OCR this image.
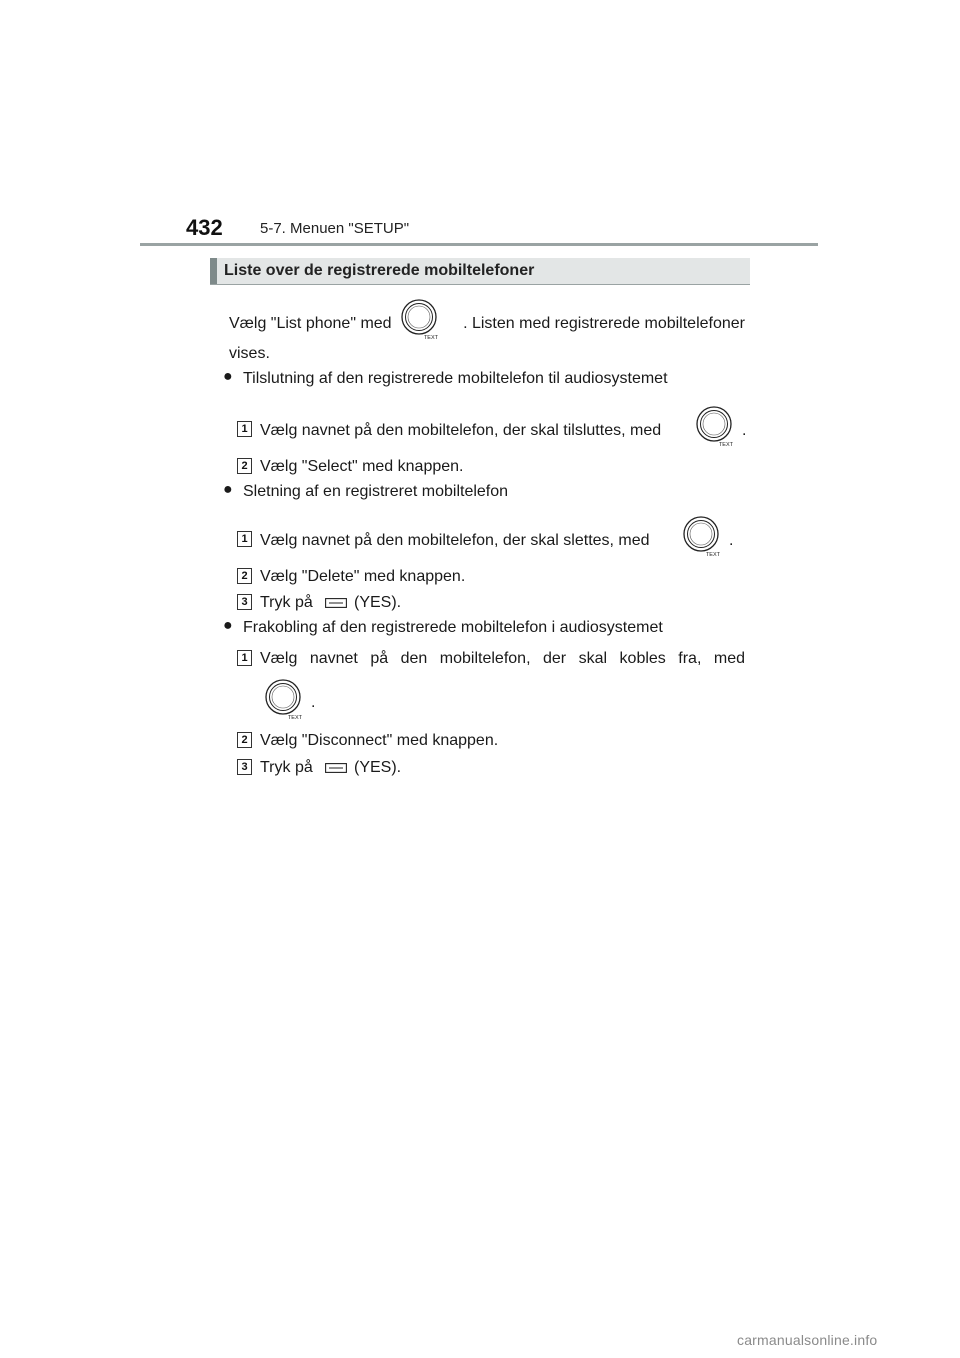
432 5-7. Menuen "SETUP"
Liste over de registrerede mobiltelefoner
Vælg "List phone" med
TEXT
. Listen med registrerede mobiltelefoner
vises.
● Tilslutning af den registrerede mobiltelefon til audiosystemet
1 Vælg navnet på den mobiltelefon, der skal tilsluttes, med
TEXT
.
2 Vælg "Select" med knappen.
● Sletning af en registreret mobiltelefon
1 Vælg navnet på den mobiltelefon, der skal slettes, med
TEXT
.
2 Vælg "Delete" med knappen.
3 Tryk på	(YES).
● Frakobling af den registrerede mobiltelefon i audiosystemet
1 Vælg navnet på den mobiltelefon, der skal kobles fra, med
TEXT
.
2 Vælg "Disconnect" med knappen.
3 Tryk på	(YES).
carmanualsonline.info
